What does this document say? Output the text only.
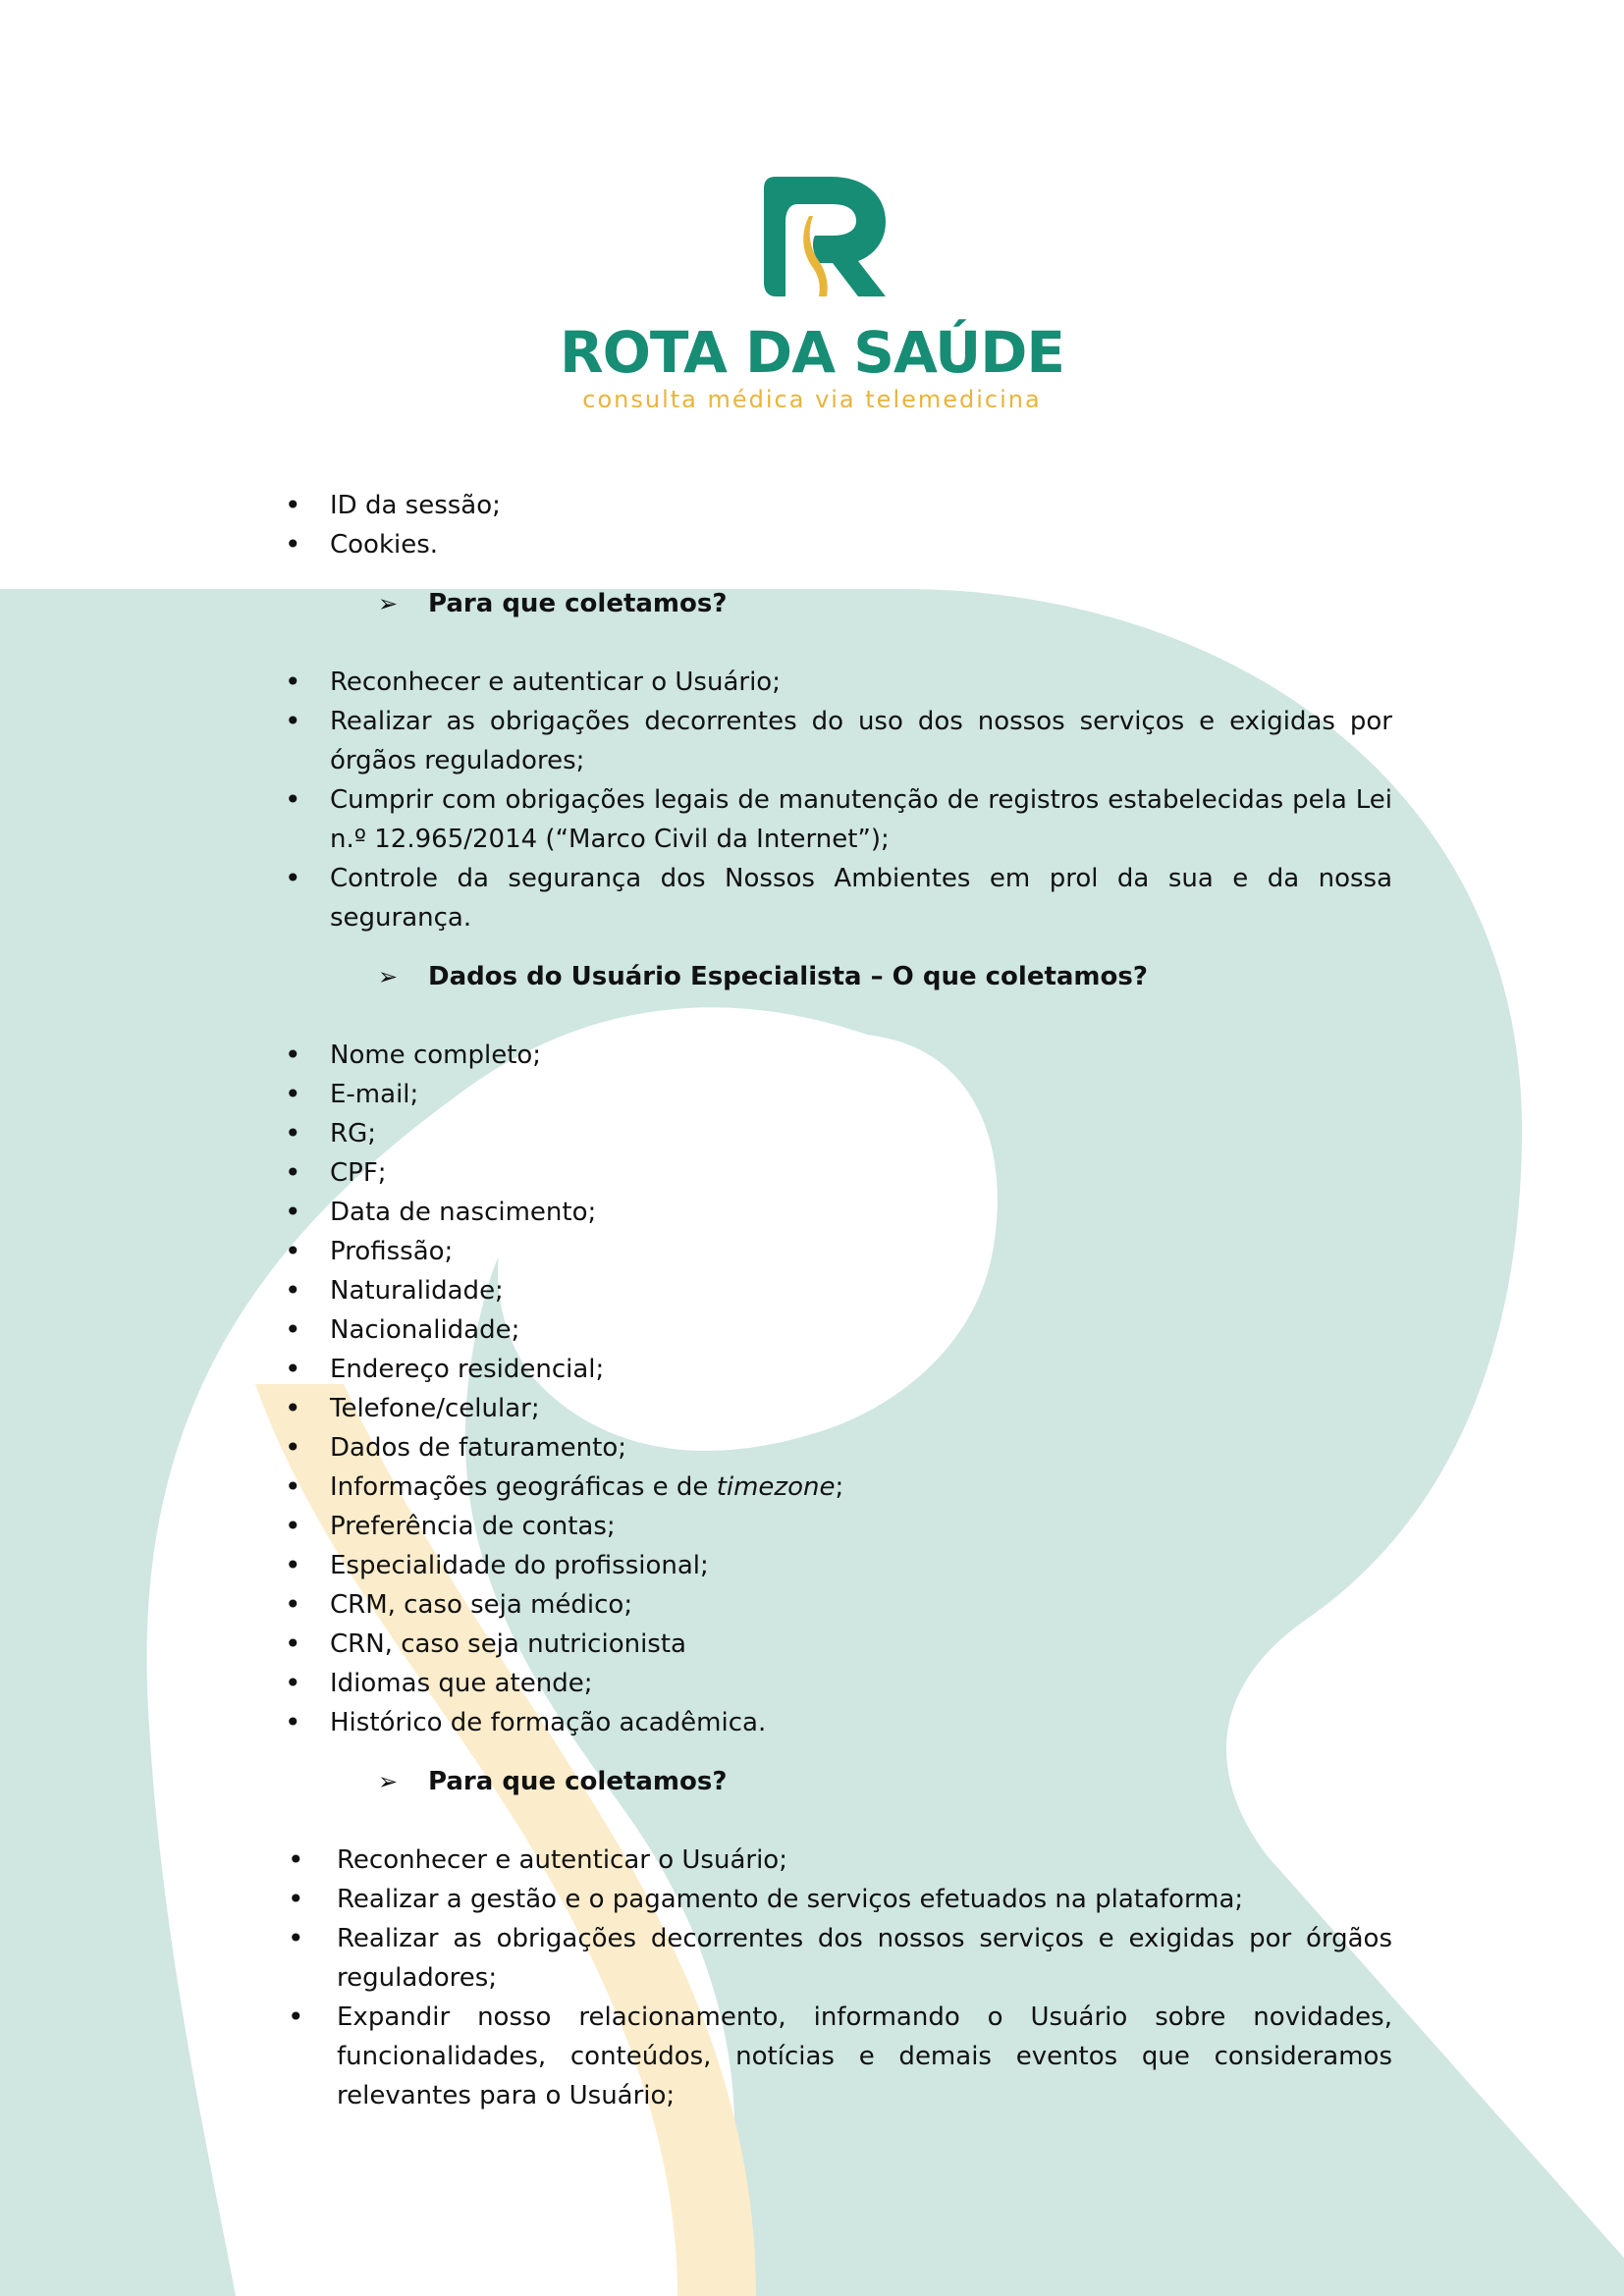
ROTA DA SAÚDE
consulta médica via telemedicina
• ID da sessão;
• Cookies.
➢ Para que coletamos?
• Reconhecer e autenticar o Usuário;
• Realizar as obrigações decorrentes do uso dos nossos serviços e exigidas por órgãos reguladores;
• Cumprir com obrigações legais de manutenção de registros estabelecidas pela Lei n.º 12.965/2014 (“Marco Civil da Internet”);
• Controle da segurança dos Nossos Ambientes em prol da sua e da nossa segurança.
➢ Dados do Usuário Especialista – O que coletamos?
• Nome completo;
• E-mail;
• RG;
• CPF;
• Data de nascimento;
• Profissão;
• Naturalidade;
• Nacionalidade;
• Endereço residencial;
• Telefone/celular;
• Dados de faturamento;
• Informações geográficas e de timezone;
• Preferência de contas;
• Especialidade do profissional;
• CRM, caso seja médico;
• CRN, caso seja nutricionista
• Idiomas que atende;
• Histórico de formação acadêmica.
➢ Para que coletamos?
• Reconhecer e autenticar o Usuário;
• Realizar a gestão e o pagamento de serviços efetuados na plataforma;
• Realizar as obrigações decorrentes dos nossos serviços e exigidas por órgãos reguladores;
• Expandir nosso relacionamento, informando o Usuário sobre novidades, funcionalidades, conteúdos, notícias e demais eventos que consideramos relevantes para o Usuário;
